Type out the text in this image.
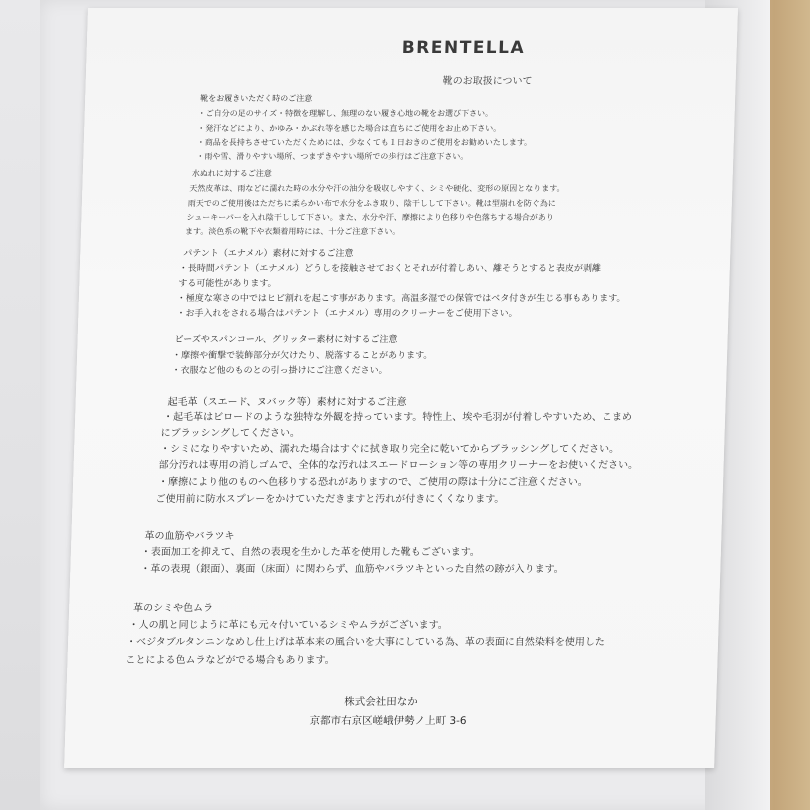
BRENTELLA
靴のお取扱について
靴をお履きいただく時のご注意
・ご自分の足のサイズ・特徴を理解し、無理のない履き心地の靴をお選び下さい。
・発汗などにより、かゆみ・かぶれ等を感じた場合は直ちにご使用をお止め下さい。
・商品を長持ちさせていただくためには、少なくても１日おきのご使用をお勧めいたします。
・雨や雪、滑りやすい場所、つまずきやすい場所での歩行はご注意下さい。
水ぬれに対するご注意
天然皮革は、雨などに濡れた時の水分や汗の油分を吸収しやすく、シミや硬化、変形の原因となります。
雨天でのご使用後はただちに柔らかい布で水分をふき取り、陰干しして下さい。靴は型崩れを防ぐ為に
シューキーパーを入れ陰干しして下さい。また、水分や汗、摩擦により色移りや色落ちする場合があり
ます。淡色系の靴下や衣類着用時には、十分ご注意下さい。
パテント（エナメル）素材に対するご注意
・長時間パテント（エナメル）どうしを接触させておくとそれが付着しあい、離そうとすると表皮が剥離
する可能性があります。
・極度な寒さの中ではヒビ割れを起こす事があります。高温多湿での保管ではベタ付きが生じる事もあります。
・お手入れをされる場合はパテント（エナメル）専用のクリーナーをご使用下さい。
ビーズやスパンコール、グリッター素材に対するご注意
・摩擦や衝撃で装飾部分が欠けたり、脱落することがあります。
・衣服など他のものとの引っ掛けにご注意ください。
起毛革（スエード、ヌバック等）素材に対するご注意
・起毛革はビロードのような独特な外観を持っています。特性上、埃や毛羽が付着しやすいため、こまめ
にブラッシングしてください。
・シミになりやすいため、濡れた場合はすぐに拭き取り完全に乾いてからブラッシングしてください。
部分汚れは専用の消しゴムで、全体的な汚れはスエードローション等の専用クリーナーをお使いください。
・摩擦により他のものへ色移りする恐れがありますので、ご使用の際は十分にご注意ください。
ご使用前に防水スプレーをかけていただきますと汚れが付きにくくなります。
革の血筋やバラツキ
・表面加工を抑えて、自然の表現を生かした革を使用した靴もございます。
・革の表現（銀面）、裏面（床面）に関わらず、血筋やバラツキといった自然の跡が入ります。
革のシミや色ムラ
・人の肌と同じように革にも元々付いているシミやムラがございます。
・ベジタブルタンニンなめし仕上げは革本来の風合いを大事にしている為、革の表面に自然染料を使用した
ことによる色ムラなどがでる場合もあります。
株式会社田なか
京都市右京区嵯峨伊勢ノ上町 3-6
